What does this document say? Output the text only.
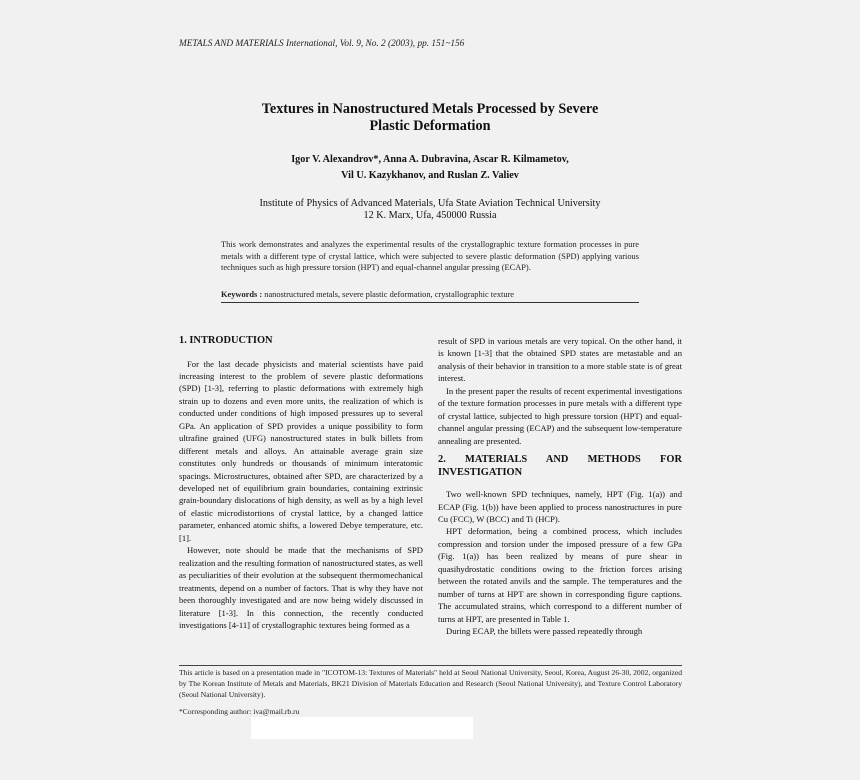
METALS AND MATERIALS International, Vol. 9, No. 2 (2003), pp. 151~156
Textures in Nanostructured Metals Processed by Severe
Plastic Deformation
Igor V. Alexandrov*, Anna A. Dubravina, Ascar R. Kilmametov,
Vil U. Kazykhanov, and Ruslan Z. Valiev
Institute of Physics of Advanced Materials, Ufa State Aviation Technical University
12 K. Marx, Ufa, 450000 Russia
This work demonstrates and analyzes the experimental results of the crystallographic texture formation processes in pure metals with a different type of crystal lattice, which were subjected to severe plastic deformation (SPD) applying various techniques such as high pressure torsion (HPT) and equal-channel angular pressing (ECAP).
Keywords : nanostructured metals, severe plastic deformation, crystallographic texture
1. INTRODUCTION

For the last decade physicists and material scientists have paid increasing interest to the problem of severe plastic deformations (SPD) [1-3], referring to plastic deformations with extremely high strain up to dozens and even more units, the realization of which is conducted under conditions of high imposed pressures up to several GPa. An application of SPD provides a unique possibility to form ultrafine grained (UFG) nanostructured states in bulk billets from different metals and alloys. An attainable average grain size constitutes only hundreds or thousands of minimum interatomic spacings. Microstructures, obtained after SPD, are characterized by a developed net of equilibrium grain boundaries, containing extrinsic grain-boundary dislocations of high density, as well as by a high level of elastic microdistortions of crystal lattice, by a changed lattice parameter, enhanced atomic shifts, a lowered Debye temperature, etc. [1].

However, note should be made that the mechanisms of SPD realization and the resulting formation of nanostructured states, as well as peculiarities of their evolution at the subsequent thermomechanical treatments, depend on a number of factors. That is why they have not been thoroughly investigated and are now being widely discussed in literature [1-3]. In this connection, the recently conducted investigations [4-11] of crystallographic textures being formed as a

result of SPD in various metals are very topical. On the other hand, it is known [1-3] that the obtained SPD states are metastable and an analysis of their behavior in transition to a more stable state is of great interest.

In the present paper the results of recent experimental investigations of the texture formation processes in pure metals with a different type of crystal lattice, subjected to high pressure torsion (HPT) and equal-channel angular pressing (ECAP) and the subsequent low-temperature annealing are presented.

2. MATERIALS AND METHODS FOR INVESTIGATION

Two well-known SPD techniques, namely, HPT (Fig. 1(a)) and ECAP (Fig. 1(b)) have been applied to process nanostructures in pure Cu (FCC), W (BCC) and Ti (HCP).

HPT deformation, being a combined process, which includes compression and torsion under the imposed pressure of a few GPa (Fig. 1(a)) has been realized by means of pure shear in quasihydrostatic conditions owing to the friction forces arising between the rotated anvils and the sample. The temperatures and the number of turns at HPT are shown in corresponding figure captions. The accumulated strains, which correspond to a different number of turns at HPT, are presented in Table 1.

During ECAP, the billets were passed repeatedly through

This article is based on a presentation made in "ICOTOM-13: Textures of Materials" held at Seoul National University, Seoul, Korea, August 26-30, 2002, organized by The Korean Institute of Metals and Materials, BK21 Division of Materials Education and Research (Seoul National University), and Texture Control Laboratory (Seoul National University).
*Corresponding author: iva@mail.rb.ru
